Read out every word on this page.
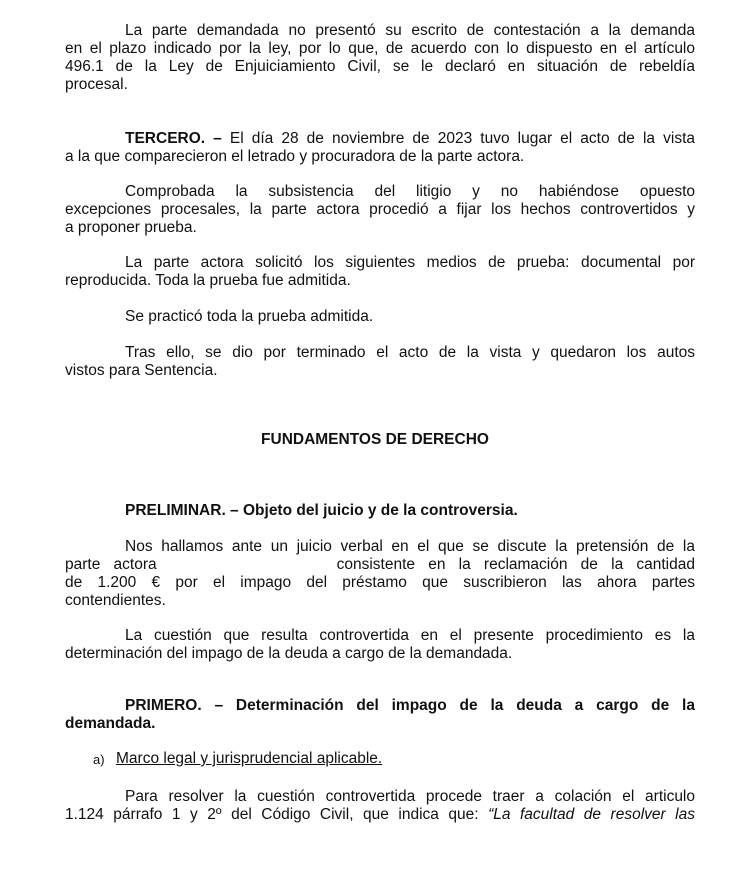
La parte demandada no presentó su escrito de contestación a la demanda
en el plazo indicado por la ley, por lo que, de acuerdo con lo dispuesto en el artículo
496.1 de la Ley de Enjuiciamiento Civil, se le declaró en situación de rebeldía
procesal.
TERCERO. – El día 28 de noviembre de 2023 tuvo lugar el acto de la vista
a la que comparecieron el letrado y procuradora de la parte actora.
Comprobada la subsistencia del litigio y no habiéndose opuesto
excepciones procesales, la parte actora procedió a fijar los hechos controvertidos y
a proponer prueba.
La parte actora solicitó los siguientes medios de prueba: documental por
reproducida. Toda la prueba fue admitida.
Se practicó toda la prueba admitida.
Tras ello, se dio por terminado el acto de la vista y quedaron los autos
vistos para Sentencia.
FUNDAMENTOS DE DERECHO
PRELIMINAR. – Objeto del juicio y de la controversia.
Nos hallamos ante un juicio verbal en el que se discute la pretensión de la
parte actora	consistente en la reclamación de la cantidad
de 1.200 € por el impago del préstamo que suscribieron las ahora partes
contendientes.
La cuestión que resulta controvertida en el presente procedimiento es la
determinación del impago de la deuda a cargo de la demandada.
PRIMERO. – Determinación del impago de la deuda a cargo de la
demandada.
a) Marco legal y jurisprudencial aplicable.
Para resolver la cuestión controvertida procede traer a colación el articulo
1.124 párrafo 1 y 2º del Código Civil, que indica que: “La facultad de resolver las
